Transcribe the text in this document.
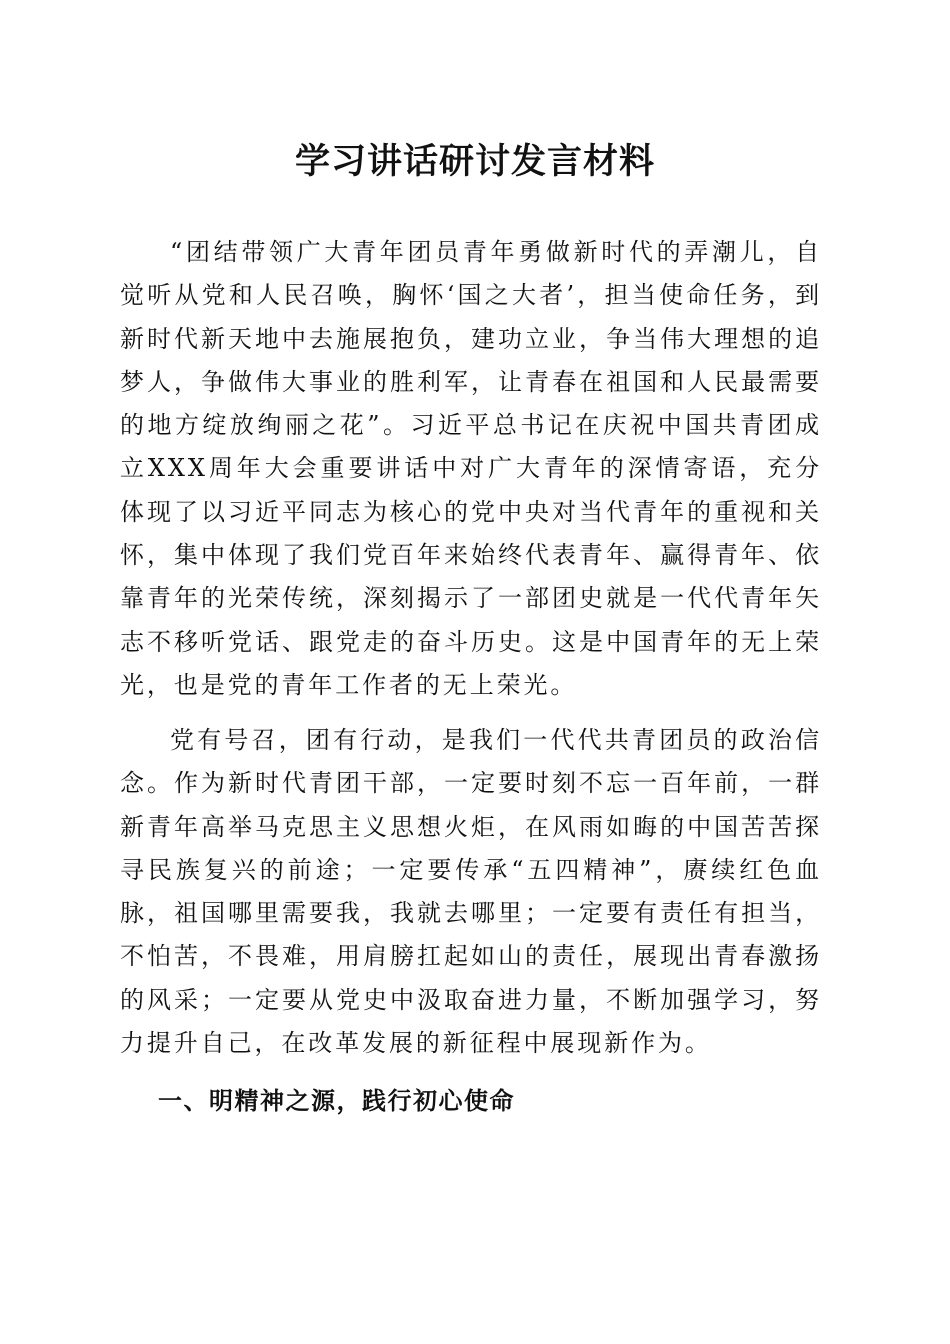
学习讲话研讨发言材料

“团结带领广大青年团员青年勇做新时代的弄潮儿，自觉听从党和人民召唤，胸怀‘国之大者’，担当使命任务，到新时代新天地中去施展抱负，建功立业，争当伟大理想的追梦人，争做伟大事业的胜利军，让青春在祖国和人民最需要的地方绽放绚丽之花”。习近平总书记在庆祝中国共青团成立XXX周年大会重要讲话中对广大青年的深情寄语，充分体现了以习近平同志为核心的党中央对当代青年的重视和关怀，集中体现了我们党百年来始终代表青年、赢得青年、依靠青年的光荣传统，深刻揭示了一部团史就是一代代青年矢志不移听党话、跟党走的奋斗历史。这是中国青年的无上荣光，也是党的青年工作者的无上荣光。

党有号召，团有行动，是我们一代代共青团员的政治信念。作为新时代青团干部，一定要时刻不忘一百年前，一群新青年高举马克思主义思想火炬，在风雨如晦的中国苦苦探寻民族复兴的前途；一定要传承“五四精神”，赓续红色血脉，祖国哪里需要我，我就去哪里；一定要有责任有担当，不怕苦，不畏难，用肩膀扛起如山的责任，展现出青春激扬的风采；一定要从党史中汲取奋进力量，不断加强学习，努力提升自己，在改革发展的新征程中展现新作为。

一、明精神之源，践行初心使命
